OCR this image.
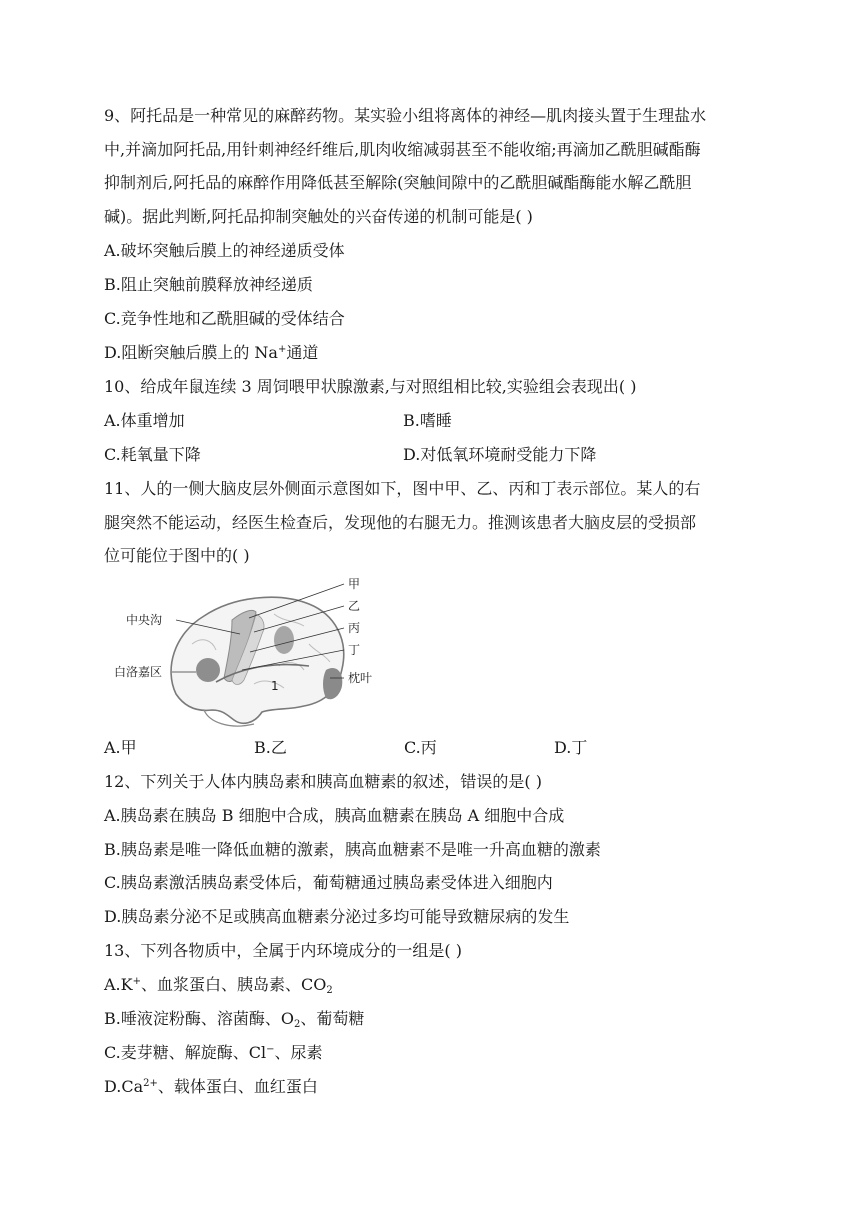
9、阿托品是一种常见的麻醉药物。某实验小组将离体的神经—肌肉接头置于生理盐水
中,并滴加阿托品,用针刺神经纤维后,肌肉收缩减弱甚至不能收缩;再滴加乙酰胆碱酯酶
抑制剂后,阿托品的麻醉作用降低甚至解除(突触间隙中的乙酰胆碱酯酶能水解乙酰胆
碱)。据此判断,阿托品抑制突触处的兴奋传递的机制可能是( )
A.破坏突触后膜上的神经递质受体
B.阻止突触前膜释放神经递质
C.竞争性地和乙酰胆碱的受体结合
D.阻断突触后膜上的 Na+通道
10、给成年鼠连续 3 周饲喂甲状腺激素,与对照组相比较,实验组会表现出( )
A.体重增加	B.嗜睡
C.耗氧量下降	D.对低氧环境耐受能力下降
11、人的一侧大脑皮层外侧面示意图如下，图中甲、乙、丙和丁表示部位。某人的右
腿突然不能运动，经医生检查后，发现他的右腿无力。推测该患者大脑皮层的受损部
位可能位于图中的( )
1
甲
乙
丙
丁
中央沟
白洛嘉区	枕叶
A.甲	B.乙	C.丙	D.丁
12、下列关于人体内胰岛素和胰高血糖素的叙述，错误的是( )
A.胰岛素在胰岛 B 细胞中合成，胰高血糖素在胰岛 A 细胞中合成
B.胰岛素是唯一降低血糖的激素，胰高血糖素不是唯一升高血糖的激素
C.胰岛素激活胰岛素受体后，葡萄糖通过胰岛素受体进入细胞内
D.胰岛素分泌不足或胰高血糖素分泌过多均可能导致糖尿病的发生
13、下列各物质中，全属于内环境成分的一组是( )
A.K+、血浆蛋白、胰岛素、$CO_2$
B.唾液淀粉酶、溶菌酶、$O_2$、葡萄糖
C.麦芽糖、解旋酶、Cl−、尿素
$D.Ca^{2+}$、载体蛋白、血红蛋白
